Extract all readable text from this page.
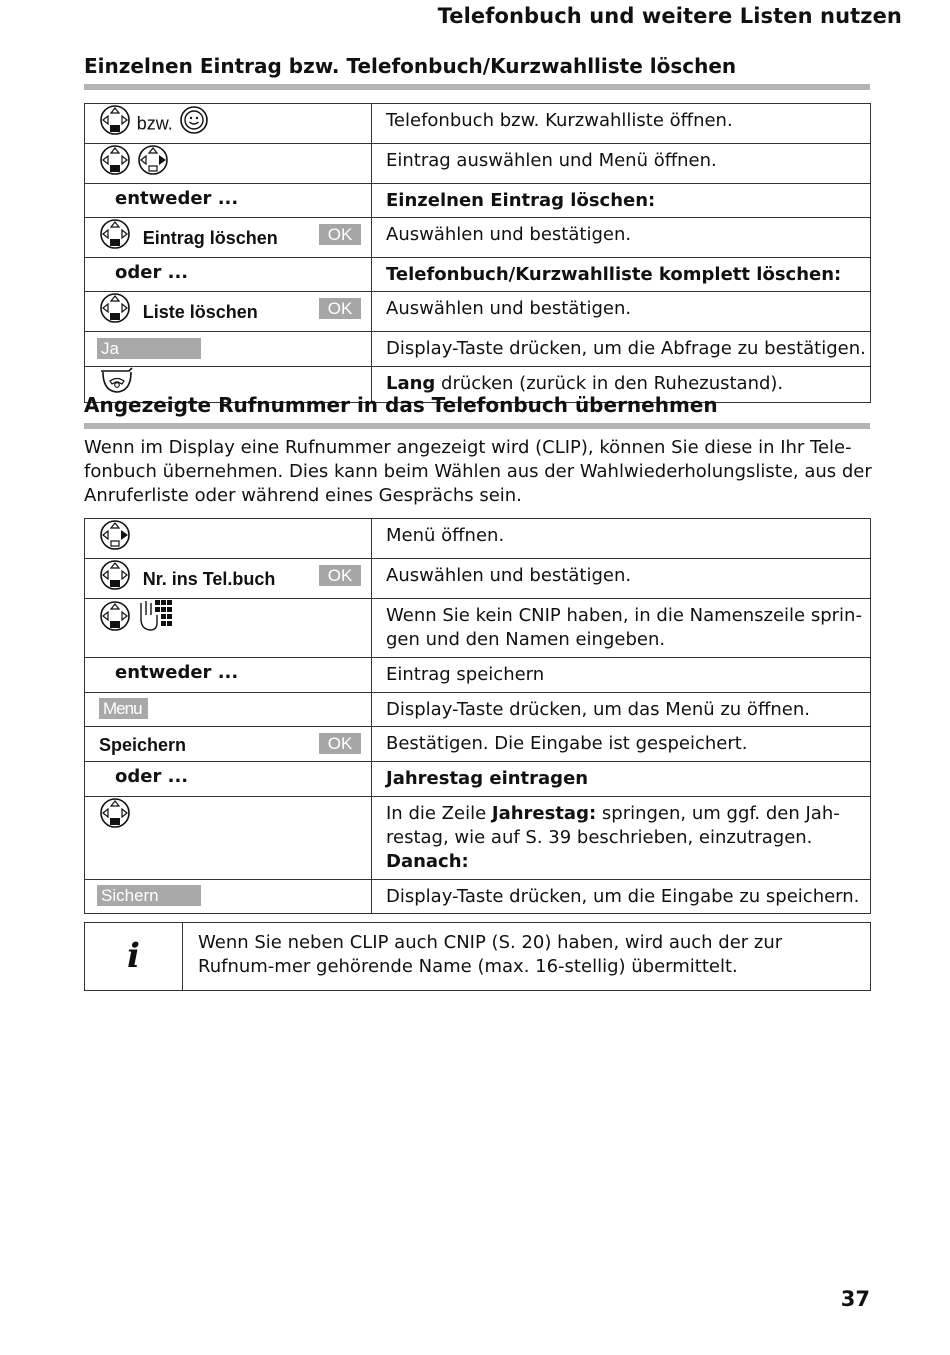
Telefonbuch und weitere Listen nutzen
Einzelnen Eintrag bzw. Telefonbuch/Kurzwahlliste löschen
bzw.	Telefonbuch bzw. Kurzwahlliste öffnen.
	Eintrag auswählen und Menü öffnen.

entweder ...	Einzelnen Eintrag löschen:
Eintrag löschen OK	Auswählen und bestätigen.

oder ...	Telefonbuch/Kurzwahlliste komplett löschen:
Liste löschen OK	Auswählen und bestätigen.
Ja	Display-Taste drücken, um die Abfrage zu bestätigen.
	Lang drücken (zurück in den Ruhezustand).
Angezeigte Rufnummer in das Telefonbuch übernehmen
Wenn im Display eine Rufnummer angezeigt wird (CLIP), können Sie diese in Ihr Tele-fonbuch übernehmen. Dies kann beim Wählen aus der Wahlwiederholungsliste, aus der Anruferliste oder während eines Gesprächs sein.
	Menü öffnen.
Nr. ins Tel.buch OK	Auswählen und bestätigen.
	Wenn Sie kein CNIP haben, in die Namenszeile sprin-gen und den Namen eingeben.

entweder ...	Eintrag speichern
Menu	Display-Taste drücken, um das Menü zu öffnen.
Speichern OK	Bestätigen. Die Eingabe ist gespeichert.

oder ...	Jahrestag eintragen
	In die Zeile Jahrestag: springen, um ggf. den Jah-restag, wie auf S. 39 beschrieben, einzutragen.
Danach:
Sichern	Display-Taste drücken, um die Eingabe zu speichern.
i	Wenn Sie neben CLIP auch CNIP (S. 20) haben, wird auch der zur Rufnum-mer gehörende Name (max. 16-stellig) übermittelt.
37
